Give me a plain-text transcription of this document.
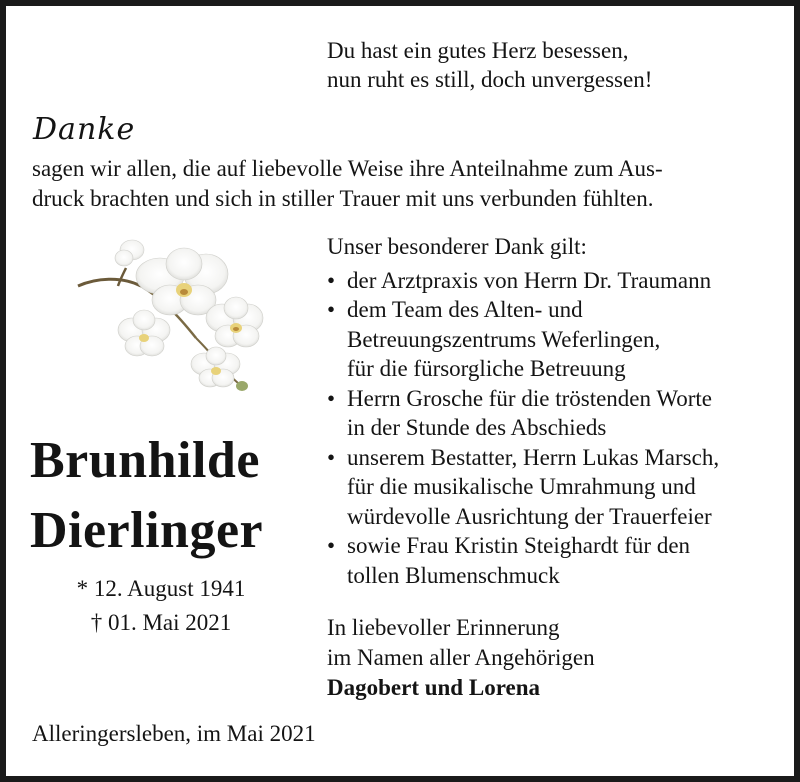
Du hast ein gutes Herz besessen,
nun ruht es still, doch unvergessen!
Danke
sagen wir allen, die auf liebevolle Weise ihre Anteilnahme zum Aus-
druck brachten und sich in stiller Trauer mit uns verbunden fühlten.
Brunhilde
Dierlinger
* 12. August 1941
† 01. Mai 2021
Unser besonderer Dank gilt:
• der Arztpraxis von Herrn Dr. Traumann
• dem Team des Alten- und
Betreuungszentrums Weferlingen,
für die fürsorgliche Betreuung
• Herrn Grosche für die tröstenden Worte
in der Stunde des Abschieds
• unserem Bestatter, Herrn Lukas Marsch,
für die musikalische Umrahmung und
würdevolle Ausrichtung der Trauerfeier
• sowie Frau Kristin Steighardt für den
tollen Blumenschmuck
In liebevoller Erinnerung
im Namen aller Angehörigen
Dagobert und Lorena
Alleringersleben, im Mai 2021
